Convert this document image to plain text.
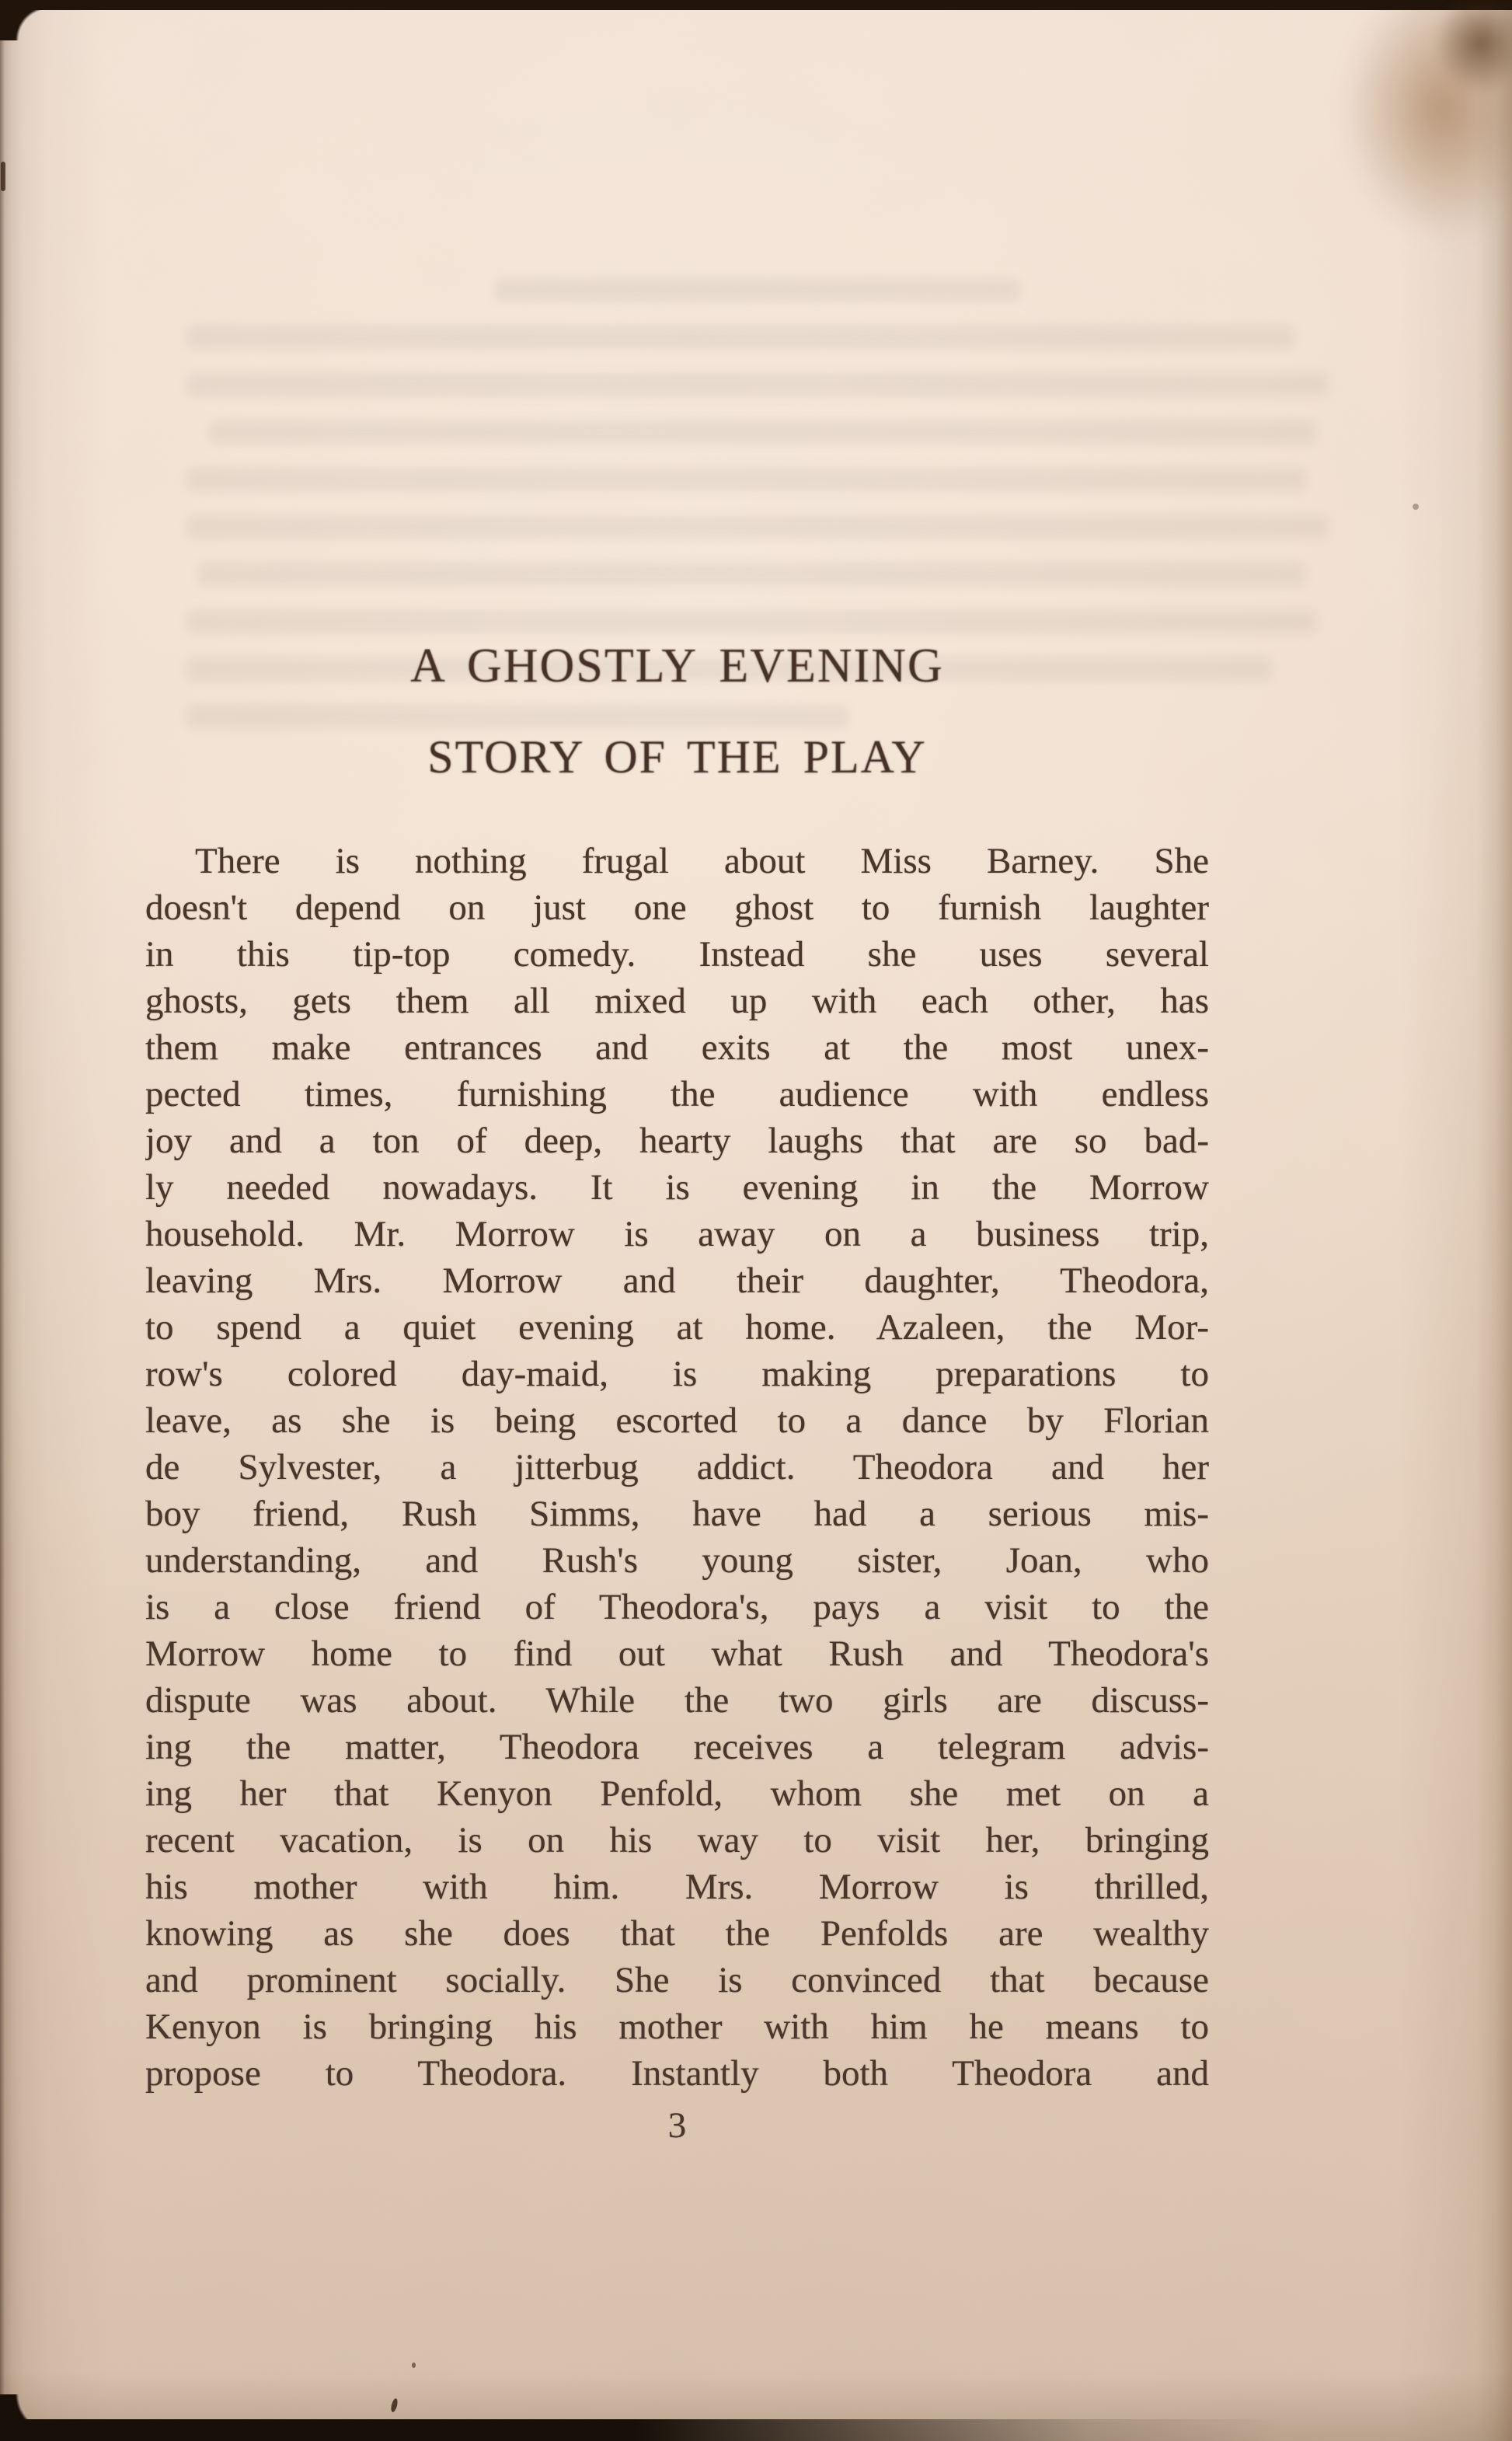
A GHOSTLY EVENING
STORY OF THE PLAY
There is nothing frugal about Miss Barney. She
doesn't depend on just one ghost to furnish laughter
in this tip-top comedy. Instead she uses several
ghosts, gets them all mixed up with each other, has
them make entrances and exits at the most unex-
pected times, furnishing the audience with endless
joy and a ton of deep, hearty laughs that are so bad-
ly needed nowadays. It is evening in the Morrow
household. Mr. Morrow is away on a business trip,
leaving Mrs. Morrow and their daughter, Theodora,
to spend a quiet evening at home. Azaleen, the Mor-
row's colored day-maid, is making preparations to
leave, as she is being escorted to a dance by Florian
de Sylvester, a jitterbug addict. Theodora and her
boy friend, Rush Simms, have had a serious mis-
understanding, and Rush's young sister, Joan, who
is a close friend of Theodora's, pays a visit to the
Morrow home to find out what Rush and Theodora's
dispute was about. While the two girls are discuss-
ing the matter, Theodora receives a telegram advis-
ing her that Kenyon Penfold, whom she met on a
recent vacation, is on his way to visit her, bringing
his mother with him. Mrs. Morrow is thrilled,
knowing as she does that the Penfolds are wealthy
and prominent socially. She is convinced that because
Kenyon is bringing his mother with him he means to
propose to Theodora. Instantly both Theodora and
3
